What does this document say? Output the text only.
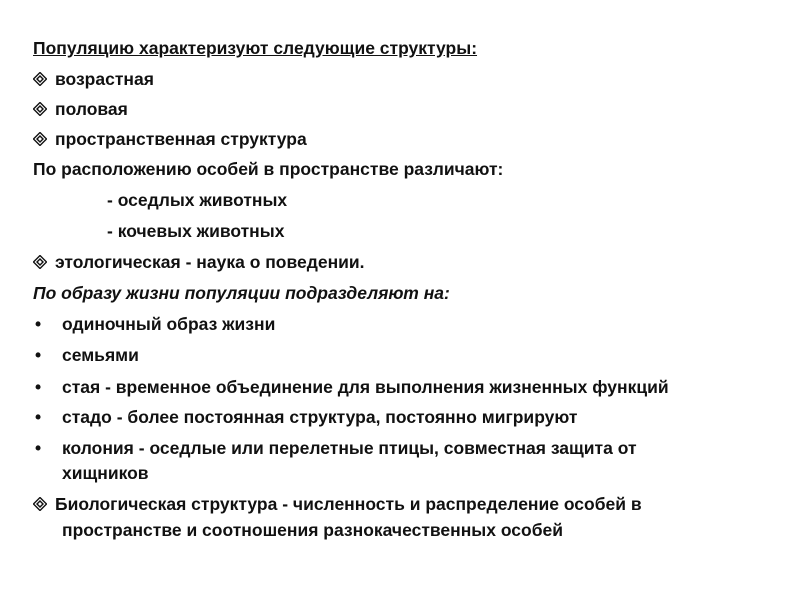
Популяцию характеризуют следующие структуры:
возрастная
половая
пространственная структура
По расположению особей в пространстве различают:
- оседлых животных
- кочевых животных
этологическая - наука о поведении.
По образу жизни популяции подразделяют на:
• одиночный образ жизни
• семьями
• стая - временное объединение для выполнения жизненных функций
• стадо - более постоянная структура, постоянно мигрируют
• колония - оседлые или перелетные птицы, совместная защита от
хищников
Биологическая структура - численность и распределение особей в
пространстве и соотношения разнокачественных особей
